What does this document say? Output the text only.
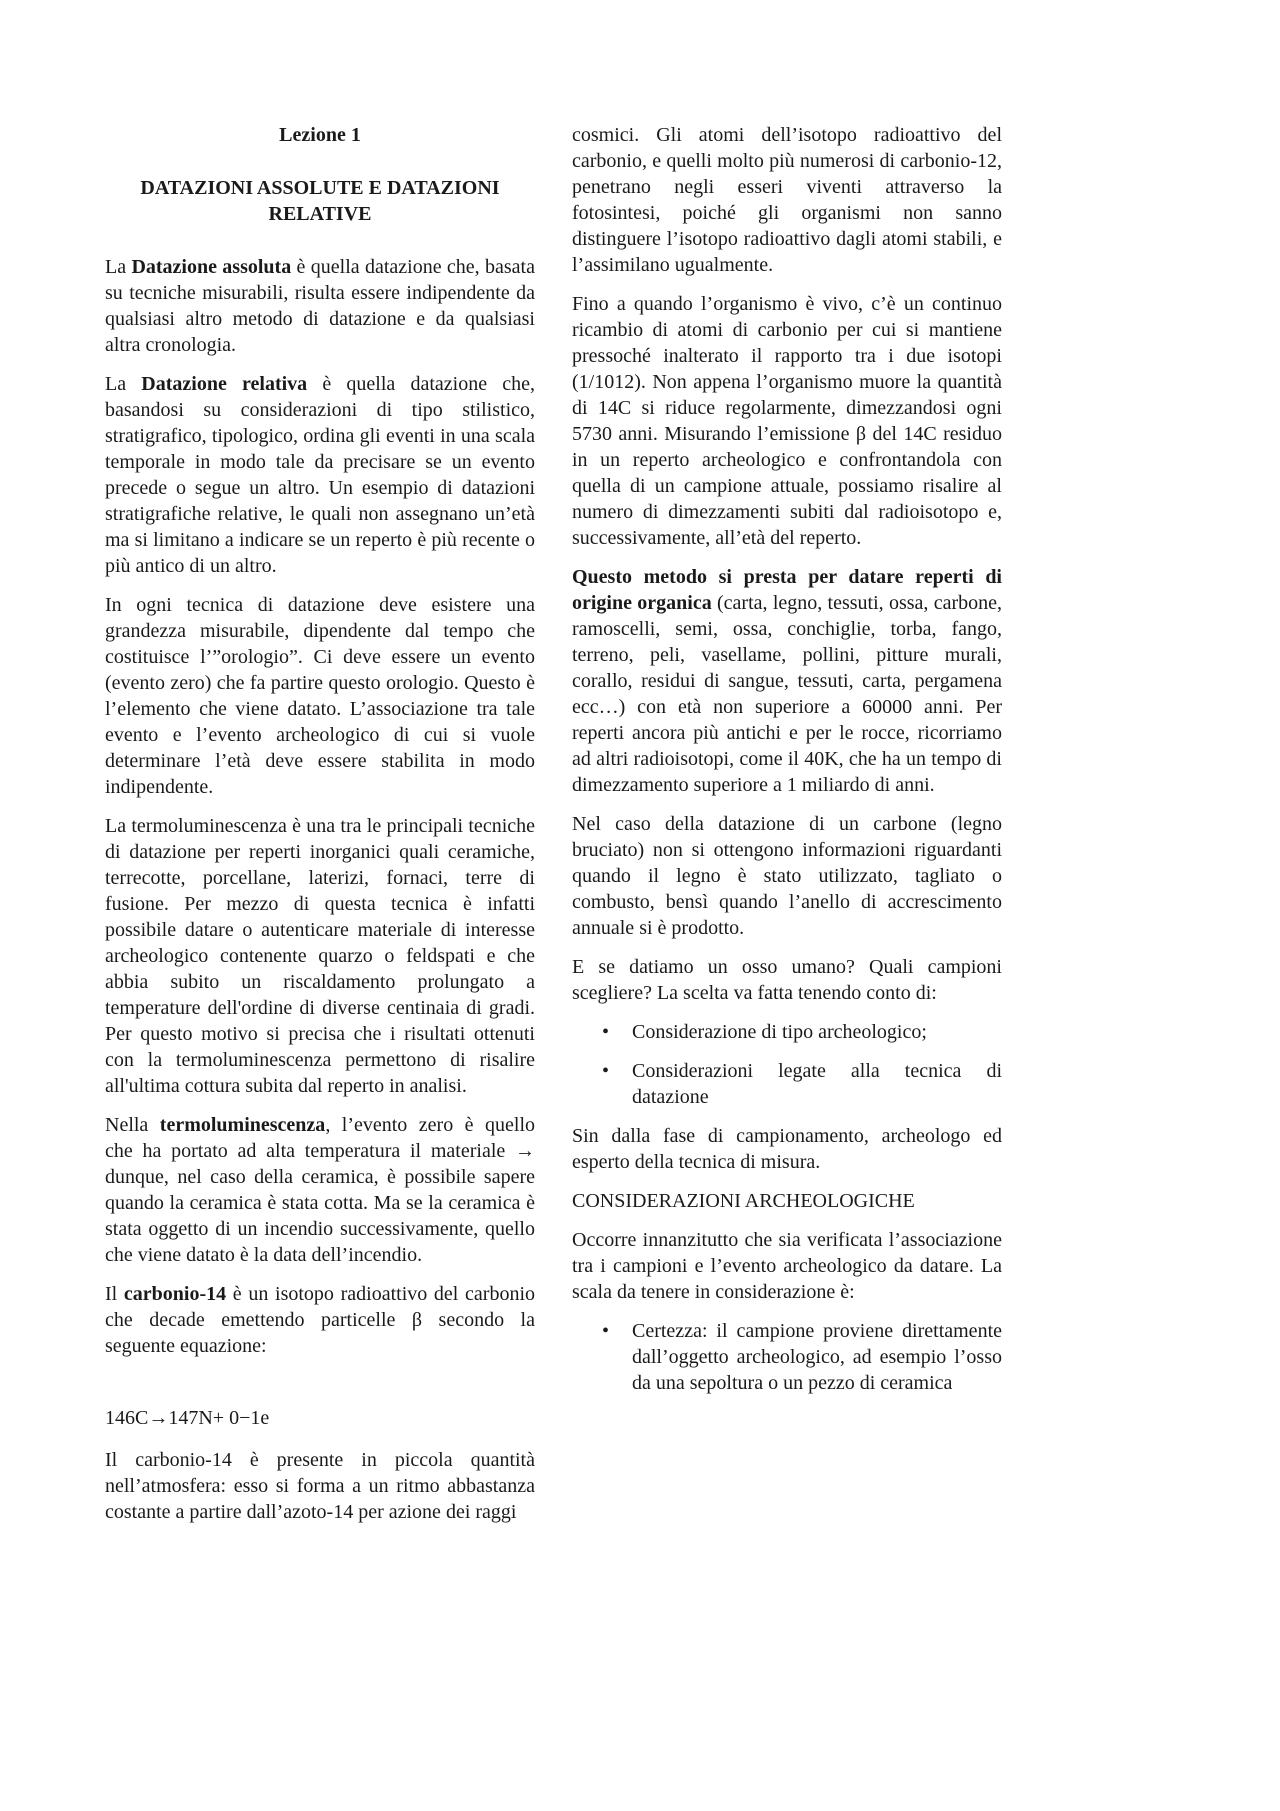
Lezione 1
DATAZIONI ASSOLUTE E DATAZIONI RELATIVE
La Datazione assoluta è quella datazione che, basata su tecniche misurabili, risulta essere indipendente da qualsiasi altro metodo di datazione e da qualsiasi altra cronologia.
La Datazione relativa è quella datazione che, basandosi su considerazioni di tipo stilistico, stratigrafico, tipologico, ordina gli eventi in una scala temporale in modo tale da precisare se un evento precede o segue un altro. Un esempio di datazioni stratigrafiche relative, le quali non assegnano un’età ma si limitano a indicare se un reperto è più recente o più antico di un altro.
In ogni tecnica di datazione deve esistere una grandezza misurabile, dipendente dal tempo che costituisce l’”orologio”. Ci deve essere un evento (evento zero) che fa partire questo orologio. Questo è l’elemento che viene datato. L’associazione tra tale evento e l’evento archeologico di cui si vuole determinare l’età deve essere stabilita in modo indipendente.
La termoluminescenza è una tra le principali tecniche di datazione per reperti inorganici quali ceramiche, terrecotte, porcellane, laterizi, fornaci, terre di fusione. Per mezzo di questa tecnica è infatti possibile datare o autenticare materiale di interesse archeologico contenente quarzo o feldspati e che abbia subito un riscaldamento prolungato a temperature dell'ordine di diverse centinaia di gradi. Per questo motivo si precisa che i risultati ottenuti con la termoluminescenza permettono di risalire all'ultima cottura subita dal reperto in analisi.
Nella termoluminescenza, l’evento zero è quello che ha portato ad alta temperatura il materiale → dunque, nel caso della ceramica, è possibile sapere quando la ceramica è stata cotta. Ma se la ceramica è stata oggetto di un incendio successivamente, quello che viene datato è la data dell’incendio.
Il carbonio-14 è un isotopo radioattivo del carbonio che decade emettendo particelle β secondo la seguente equazione:
146C→147N+ 0−1e
Il carbonio-14 è presente in piccola quantità nell’atmosfera: esso si forma a un ritmo abbastanza costante a partire dall’azoto-14 per azione dei raggi
cosmici. Gli atomi dell’isotopo radioattivo del carbonio, e quelli molto più numerosi di carbonio-12, penetrano negli esseri viventi attraverso la fotosintesi, poiché gli organismi non sanno distinguere l’isotopo radioattivo dagli atomi stabili, e l’assimilano ugualmente.
Fino a quando l’organismo è vivo, c’è un continuo ricambio di atomi di carbonio per cui si mantiene pressoché inalterato il rapporto tra i due isotopi (1/1012). Non appena l’organismo muore la quantità di 14C si riduce regolarmente, dimezzandosi ogni 5730 anni. Misurando l’emissione β del 14C residuo in un reperto archeologico e confrontandola con quella di un campione attuale, possiamo risalire al numero di dimezzamenti subiti dal radioisotopo e, successivamente, all’età del reperto.
Questo metodo si presta per datare reperti di origine organica (carta, legno, tessuti, ossa, carbone, ramoscelli, semi, ossa, conchiglie, torba, fango, terreno, peli, vasellame, pollini, pitture murali, corallo, residui di sangue, tessuti, carta, pergamena ecc…) con età non superiore a 60000 anni. Per reperti ancora più antichi e per le rocce, ricorriamo ad altri radioisotopi, come il 40K, che ha un tempo di dimezzamento superiore a 1 miliardo di anni.
Nel caso della datazione di un carbone (legno bruciato) non si ottengono informazioni riguardanti quando il legno è stato utilizzato, tagliato o combusto, bensì quando l’anello di accrescimento annuale si è prodotto.
E se datiamo un osso umano? Quali campioni scegliere? La scelta va fatta tenendo conto di:
•	Considerazione di tipo archeologico;
•	Considerazioni legate alla tecnica di datazione
Sin dalla fase di campionamento, archeologo ed esperto della tecnica di misura.
CONSIDERAZIONI ARCHEOLOGICHE
Occorre innanzitutto che sia verificata l’associazione tra i campioni e l’evento archeologico da datare. La scala da tenere in considerazione è:
•	Certezza: il campione proviene direttamente dall’oggetto archeologico, ad esempio l’osso da una sepoltura o un pezzo di ceramica
